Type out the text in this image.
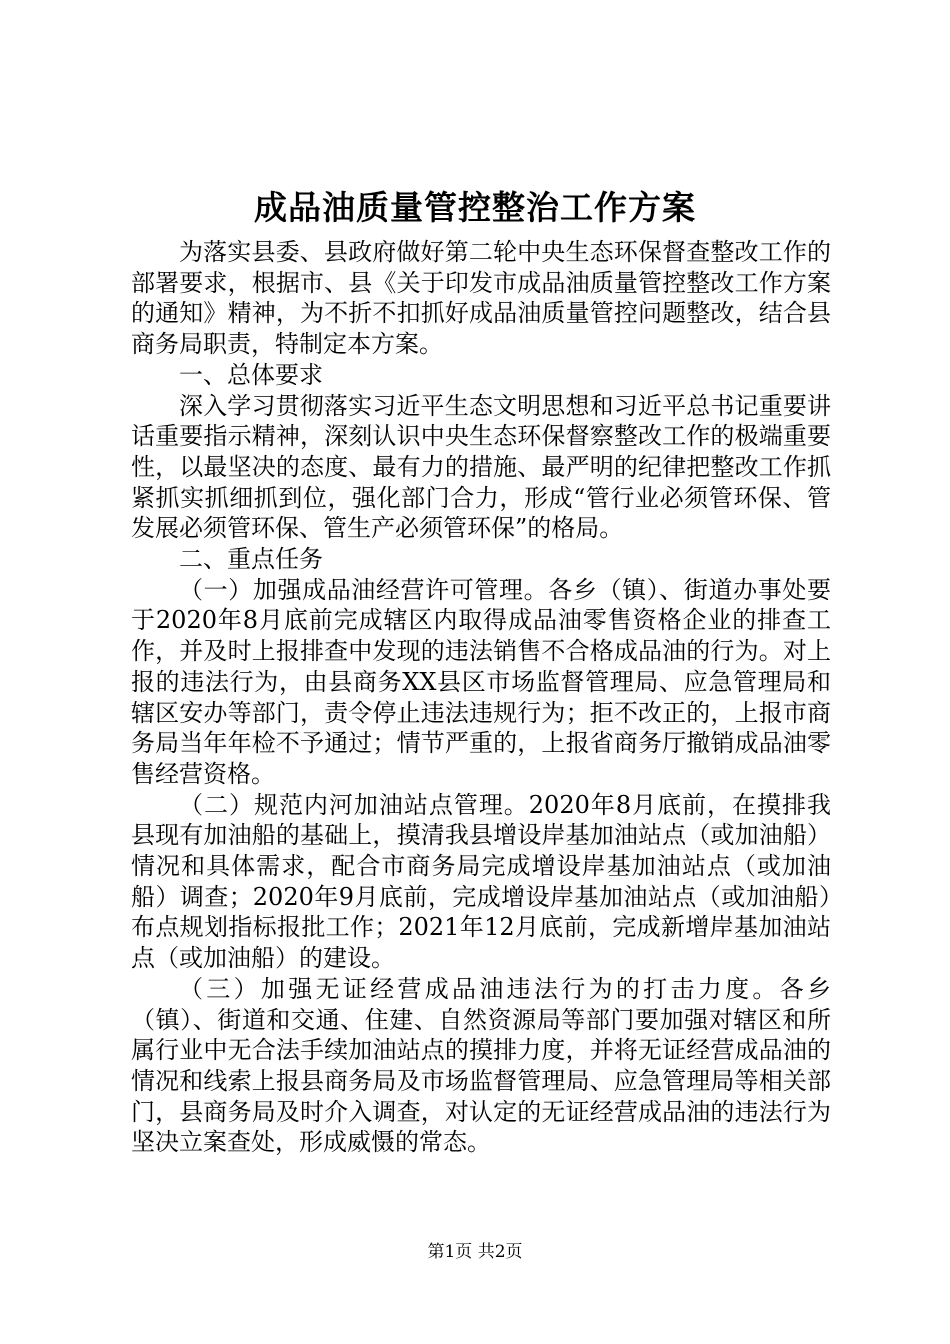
成品油质量管控整治工作方案

为落实县委、县政府做好第二轮中央生态环保督查整改工作的部署要求，根据市、县《关于印发市成品油质量管控整改工作方案的通知》精神，为不折不扣抓好成品油质量管控问题整改，结合县商务局职责，特制定本方案。

一、总体要求

深入学习贯彻落实习近平生态文明思想和习近平总书记重要讲话重要指示精神，深刻认识中央生态环保督察整改工作的极端重要性，以最坚决的态度、最有力的措施、最严明的纪律把整改工作抓紧抓实抓细抓到位，强化部门合力，形成“管行业必须管环保、管发展必须管环保、管生产必须管环保”的格局。

二、重点任务

（一）加强成品油经营许可管理。各乡（镇）、街道办事处要于2020年8月底前完成辖区内取得成品油零售资格企业的排查工作，并及时上报排查中发现的违法销售不合格成品油的行为。对上报的违法行为，由县商务XX县区市场监督管理局、应急管理局和辖区安办等部门，责令停止违法违规行为；拒不改正的，上报市商务局当年年检不予通过；情节严重的，上报省商务厅撤销成品油零售经营资格。

（二）规范内河加油站点管理。2020年8月底前，在摸排我县现有加油船的基础上，摸清我县增设岸基加油站点（或加油船）情况和具体需求，配合市商务局完成增设岸基加油站点（或加油船）调查；2020年9月底前，完成增设岸基加油站点（或加油船）布点规划指标报批工作；2021年12月底前，完成新增岸基加油站点（或加油船）的建设。

（三）加强无证经营成品油违法行为的打击力度。各乡（镇）、街道和交通、住建、自然资源局等部门要加强对辖区和所属行业中无合法手续加油站点的摸排力度，并将无证经营成品油的情况和线索上报县商务局及市场监督管理局、应急管理局等相关部门，县商务局及时介入调查，对认定的无证经营成品油的违法行为坚决立案查处，形成威慑的常态。

第1页 共2页
